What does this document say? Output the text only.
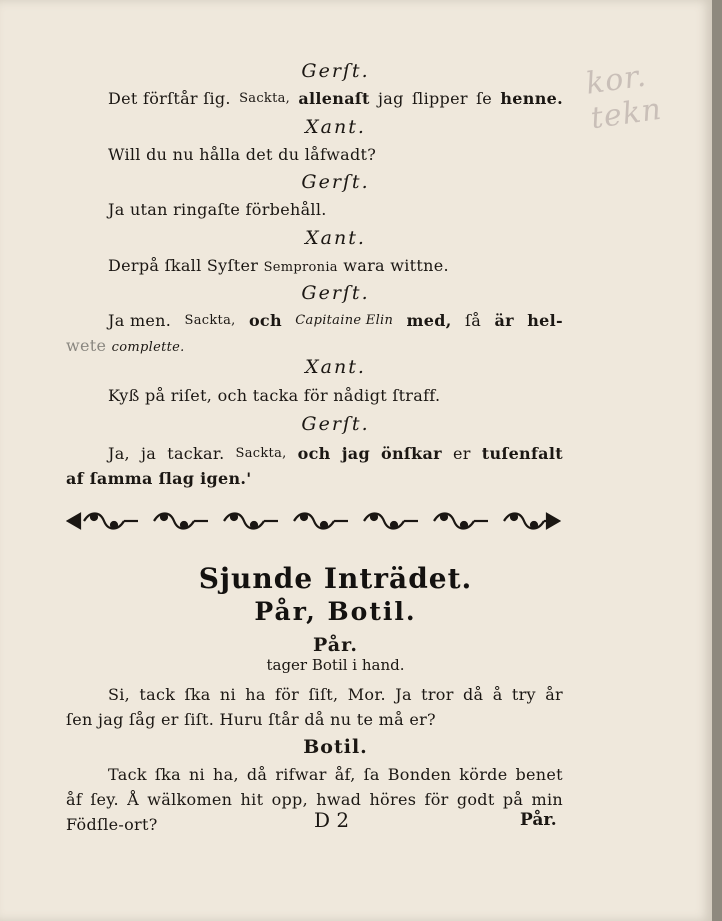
kor. tekn
Gerſt.
Det förſtår ſig. Sackta, allenaſt jag ſlipper ſe henne.
Xant.
Will du nu hålla det du låfwadt?
Gerſt.
Ja utan ringaſte förbehåll.
Xant.
Derpå ſkall Syſter Sempronia wara wittne.
Gerſt.
Ja men. Sackta, och Capitaine Elin med, ſå är hel-
wete complette.
Xant.
Kyß på riſet, och tacka för nådigt ſtraff.
Gerſt.
Ja, ja tackar. Sackta, och jag önſkar er tuſenfalt
af ſamma ſlag igen.'
Sjunde Inträdet.
Pår, Botil.
Pår.
tager Botil i hand.
Si, tack ſka ni ha för ſiſt, Mor. Ja tror då å try år
ſen jag ſåg er ſiſt. Huru ſtår då nu te må er?
Botil.
Tack ſka ni ha, då rifwar åf, ſa Bonden körde benet
åf ſey. Å wälkomen hit opp, hwad höres för godt på min
Födſle-ort?	D 2	Pår.
